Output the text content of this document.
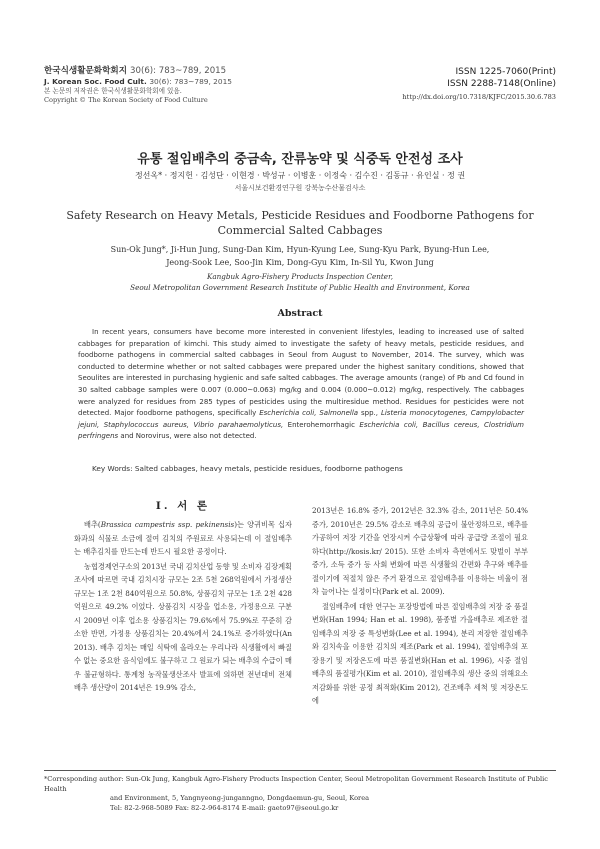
한국식생활문화학회지 30(6): 783~789, 2015
J. Korean Soc. Food Cult. 30(6): 783~789, 2015
본 논문의 저작권은 한국식생활문화학회에 있음.
Copyright © The Korean Society of Food Culture
ISSN 1225-7060(Print)
ISSN 2288-7148(Online)
http://dx.doi.org/10.7318/KJFC/2015.30.6.783
유통 절임배추의 중금속, 잔류농약 및 식중독 안전성 조사
정선옥* · 정지헌 · 김성단 · 이현경 · 박성규 · 이병훈 · 이정숙 · 김수진 · 김동규 · 유인실 · 정 권
서울시보건환경연구원 강북농수산물검사소
Safety Research on Heavy Metals, Pesticide Residues and Foodborne Pathogens for Commercial Salted Cabbages
Sun-Ok Jung*, Ji-Hun Jung, Sung-Dan Kim, Hyun-Kyung Lee, Sung-Kyu Park, Byung-Hun Lee,
Jeong-Sook Lee, Soo-Jin Kim, Dong-Gyu Kim, In-Sil Yu, Kwon Jung
Kangbuk Agro-Fishery Products Inspection Center,
Seoul Metropolitan Government Research Institute of Public Health and Environment, Korea
Abstract
In recent years, consumers have become more interested in convenient lifestyles, leading to increased use of salted cabbages for preparation of kimchi. This study aimed to investigate the safety of heavy metals, pesticide residues, and foodborne pathogens in commercial salted cabbages in Seoul from August to November, 2014. The survey, which was conducted to determine whether or not salted cabbages were prepared under the highest sanitary conditions, showed that Seoulites are interested in purchasing hygienic and safe salted cabbages. The average amounts (range) of Pb and Cd found in 30 salted cabbage samples were 0.007 (0.000~0.063) mg/kg and 0.004 (0.000~0.012) mg/kg, respectively. The cabbages were analyzed for residues from 285 types of pesticides using the multiresidue method. Residues for pesticides were not detected. Major foodborne pathogens, specifically Escherichia coli, Salmonella spp., Listeria monocytogenes, Campylobacter jejuni, Staphylococcus aureus, Vibrio parahaemolyticus, Enterohemorrhagic Escherichia coli, Bacillus cereus, Clostridium perfringens and Norovirus, were also not detected.
Key Words: Salted cabbages, heavy metals, pesticide residues, foodborne pathogens
Ⅰ. 서 론

배추(Brassica campestris ssp. pekinensis)는 양귀비목 십자화과의 식물로 소금에 절여 김치의 주원료로 사용되는데 이 절임배추는 배추김치를 만드는데 반드시 필요한 공정이다.

농협경제연구소의 2013년 국내 김치산업 동향 및 소비자 김장계획 조사에 따르면 국내 김치시장 규모는 2조 5천 268억원에서 가정생산 규모는 1조 2천 840억원으로 50.8%, 상품김치 규모는 1조 2천 428억원으로 49.2% 이었다. 상품김치 시장을 업소용, 가정용으로 구분 시 2009년 이후 업소용 상품김치는 79.6%에서 75.9%로 꾸준히 감소한 반면, 가정용 상품김치는 20.4%에서 24.1%로 증가하였다(An 2013). 배추 김치는 매일 식탁에 올라오는 우리나라 식생활에서 빠질 수 없는 중요한 음식임에도 불구하고 그 원료가 되는 배추의 수급이 매우 불균형하다. 통계청 농작물생산조사 발표에 의하면 전년대비 전체 배추 생산량이 2014년은 19.9% 감소,

2013년은 16.8% 증가, 2012년은 32.3% 감소, 2011년은 50.4% 증가, 2010년은 29.5% 감소로 배추의 공급이 불안정하므로, 배추를 가공하여 저장 기간을 연장시켜 수급상황에 따라 공급량 조절이 필요하다(http://kosis.kr/ 2015). 또한 소비자 측면에서도 맞벌이 부부 증가, 소득 증가 등 사회 변화에 따른 식생활의 간편화 추구와 배추를 절이기에 적절치 않은 주거 환경으로 절임배추를 이용하는 비율이 점차 늘어나는 실정이다(Park et al. 2009).

절임배추에 대한 연구는 포장방법에 따른 절임배추의 저장 중 품질변화(Han 1994; Han et al. 1998), 품종별 가을배추로 제조한 절임배추의 저장 중 특성변화(Lee et al. 1994), 분리 저장한 절임배추와 김치속을 이용한 김치의 제조(Park et al. 1994), 절임배추의 포장용기 및 저장온도에 따른 품질변화(Han et al. 1996), 시중 절임배추의 품질평가(Kim et al. 2010), 절임배추의 생산 중의 위해요소 저감화를 위한 공정 최적화(Kim 2012), 건조배추 세척 및 저장온도에

*Corresponding author: Sun-Ok Jung, Kangbuk Agro-Fishery Products Inspection Center, Seoul Metropolitan Government Research Institute of Public Health
and Environment, 5, Yangnyeong-junganngno, Dongdaemun-gu, Seoul, Korea
Tel: 82-2-968-5089 Fax: 82-2-964-8174 E-mail: gaeto97@seoul.go.kr
